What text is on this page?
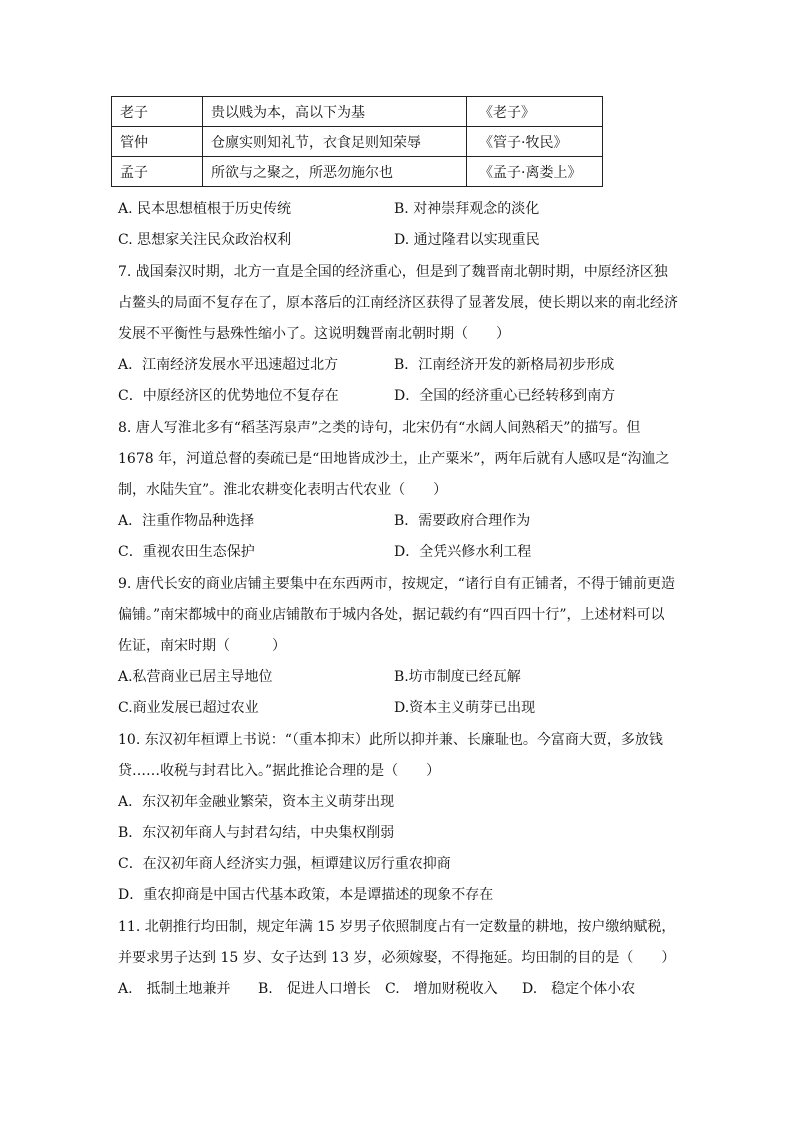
老子	贵以贱为本，高以下为基	《老子》
管仲	仓廪实则知礼节，衣食足则知荣辱	《管子·牧民》
孟子	所欲与之聚之，所恶勿施尔也	《孟子·离娄上》
A. 民本思想植根于历史传统	B. 对神崇拜观念的淡化
C. 思想家关注民众政治权利	D. 通过隆君以实现重民
7. 战国秦汉时期，北方一直是全国的经济重心，但是到了魏晋南北朝时期，中原经济区独
占鳌头的局面不复存在了，原本落后的江南经济区获得了显著发展，使长期以来的南北经济
发展不平衡性与悬殊性缩小了。这说明魏晋南北朝时期（　　）
A．江南经济发展水平迅速超过北方	B．江南经济开发的新格局初步形成
C．中原经济区的优势地位不复存在	D．全国的经济重心已经转移到南方
8. 唐人写淮北多有“稻茎泻泉声”之类的诗句，北宋仍有“水阔人间熟稻天”的描写。但
1678 年，河道总督的奏疏已是“田地皆成沙土，止产粟米”，两年后就有人感叹是“沟洫之
制，水陆失宜”。淮北农耕变化表明古代农业（　　）
A．注重作物品种选择	B．需要政府合理作为
C．重视农田生态保护	D．全凭兴修水利工程
9. 唐代长安的商业店铺主要集中在东西两市，按规定，“诸行自有正铺者，不得于铺前更造
偏铺。”南宋都城中的商业店铺散布于城内各处，据记载约有“四百四十行”，上述材料可以
佐证，南宋时期（　　　）
A.私营商业已居主导地位	B.坊市制度已经瓦解
C.商业发展已超过农业	D.资本主义萌芽已出现
10. 东汉初年桓谭上书说：“（重本抑末）此所以抑并兼、长廉耻也。今富商大贾，多放钱
贷……收税与封君比入。”据此推论合理的是（　　）
A．东汉初年金融业繁荣，资本主义萌芽出现
B．东汉初年商人与封君勾结，中央集权削弱
C．在汉初年商人经济实力强，桓谭建议厉行重农抑商
D．重农抑商是中国古代基本政策，本是谭描述的现象不存在
11. 北朝推行均田制，规定年满 15 岁男子依照制度占有一定数量的耕地，按户缴纳赋税，
并要求男子达到 15 岁、女子达到 13 岁，必须嫁娶，不得拖延。均田制的目的是（　　）
A.　抵制土地兼并 B.　促进人口增长 C.　增加财税收入 D.　稳定个体小农
